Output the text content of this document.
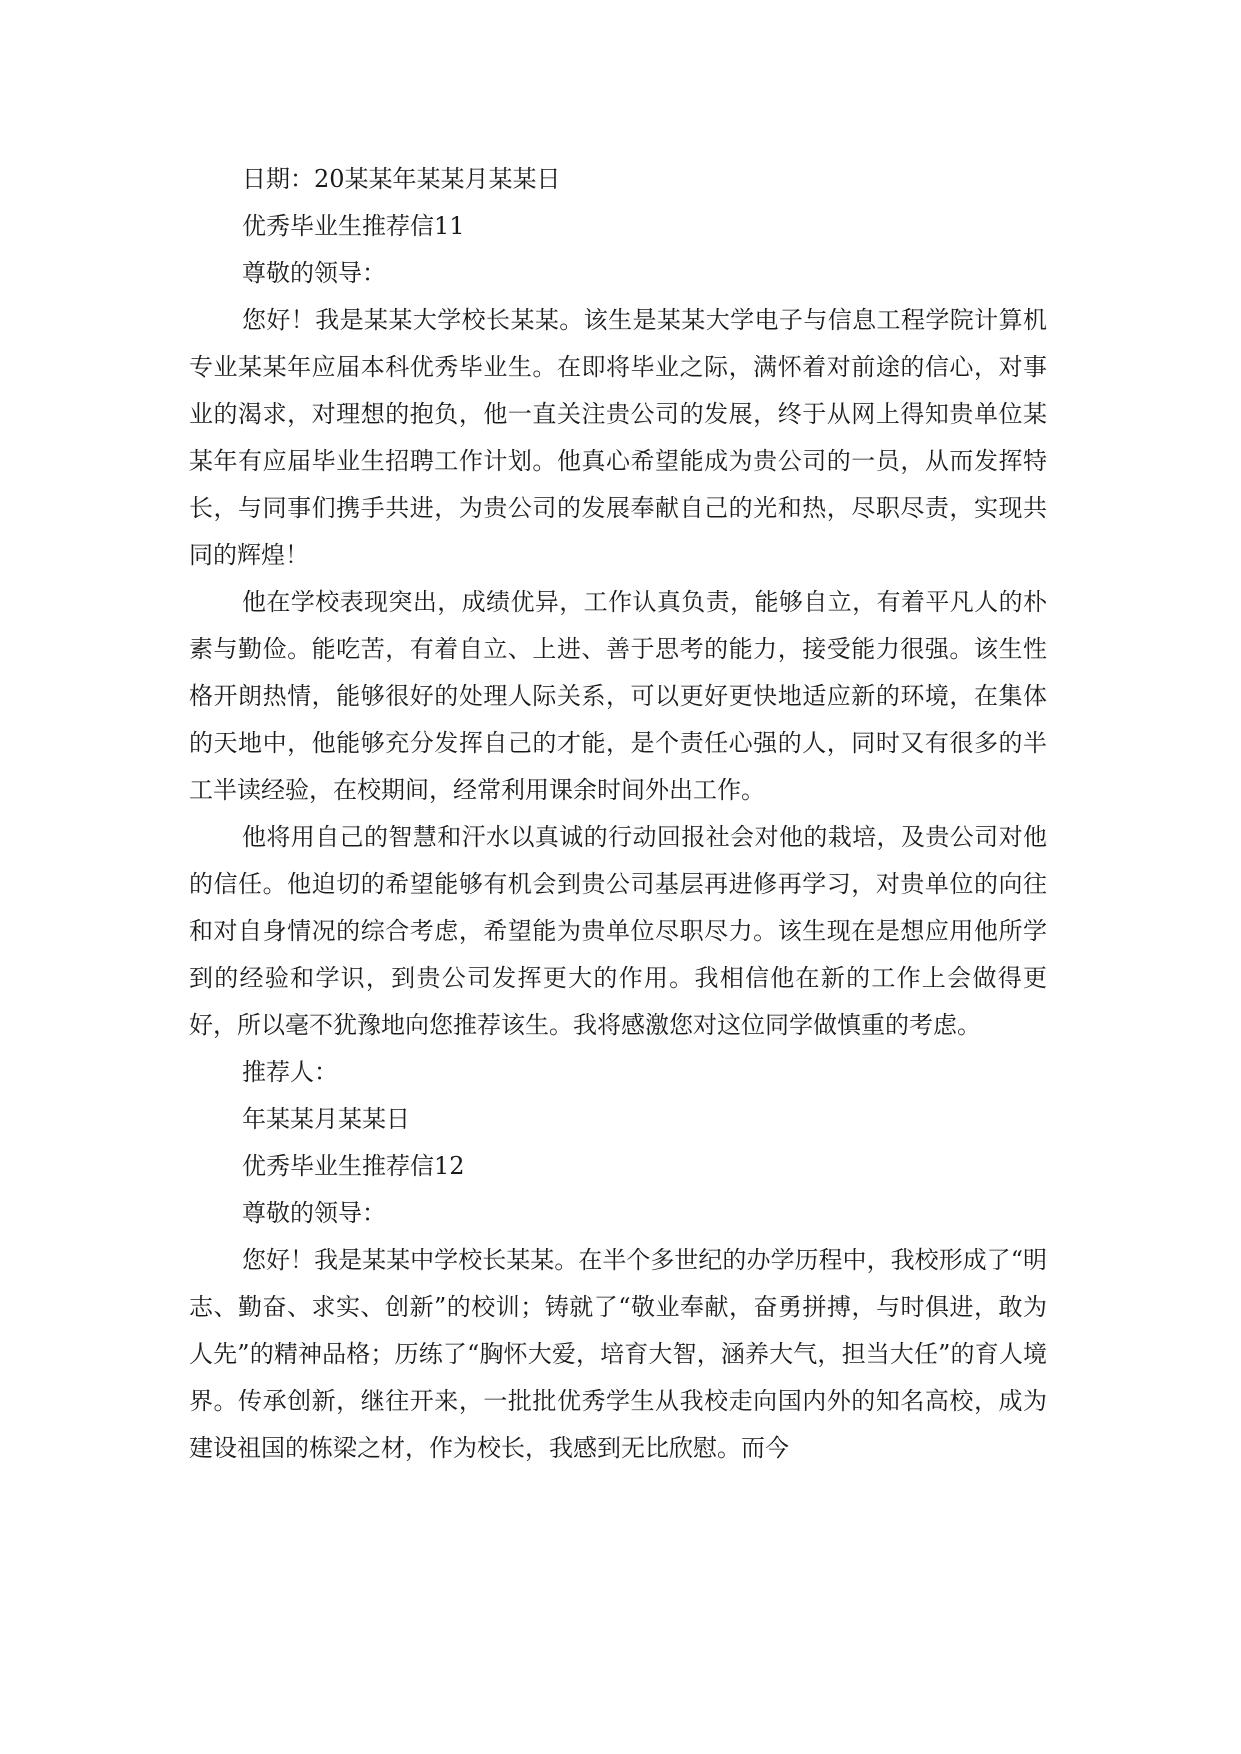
日期：20某某年某某月某某日

优秀毕业生推荐信11

尊敬的领导：

您好！我是某某大学校长某某。该生是某某大学电子与信息工程学院计算机专业某某年应届本科优秀毕业生。在即将毕业之际，满怀着对前途的信心，对事业的渴求，对理想的抱负，他一直关注贵公司的发展，终于从网上得知贵单位某某年有应届毕业生招聘工作计划。他真心希望能成为贵公司的一员，从而发挥特长，与同事们携手共进，为贵公司的发展奉献自己的光和热，尽职尽责，实现共同的辉煌！

他在学校表现突出，成绩优异，工作认真负责，能够自立，有着平凡人的朴素与勤俭。能吃苦，有着自立、上进、善于思考的能力，接受能力很强。该生性格开朗热情，能够很好的处理人际关系，可以更好更快地适应新的环境，在集体的天地中，他能够充分发挥自己的才能，是个责任心强的人，同时又有很多的半工半读经验，在校期间，经常利用课余时间外出工作。

他将用自己的智慧和汗水以真诚的行动回报社会对他的栽培，及贵公司对他的信任。他迫切的希望能够有机会到贵公司基层再进修再学习，对贵单位的向往和对自身情况的综合考虑，希望能为贵单位尽职尽力。该生现在是想应用他所学到的经验和学识，到贵公司发挥更大的作用。我相信他在新的工作上会做得更好，所以毫不犹豫地向您推荐该生。我将感激您对这位同学做慎重的考虑。

推荐人：

年某某月某某日

优秀毕业生推荐信12

尊敬的领导：

您好！我是某某中学校长某某。在半个多世纪的办学历程中，我校形成了“明志、勤奋、求实、创新”的校训；铸就了“敬业奉献，奋勇拼搏，与时俱进，敢为人先”的精神品格；历练了“胸怀大爱，培育大智，涵养大气，担当大任”的育人境界。传承创新，继往开来，一批批优秀学生从我校走向国内外的知名高校，成为建设祖国的栋梁之材，作为校长，我感到无比欣慰。而今
